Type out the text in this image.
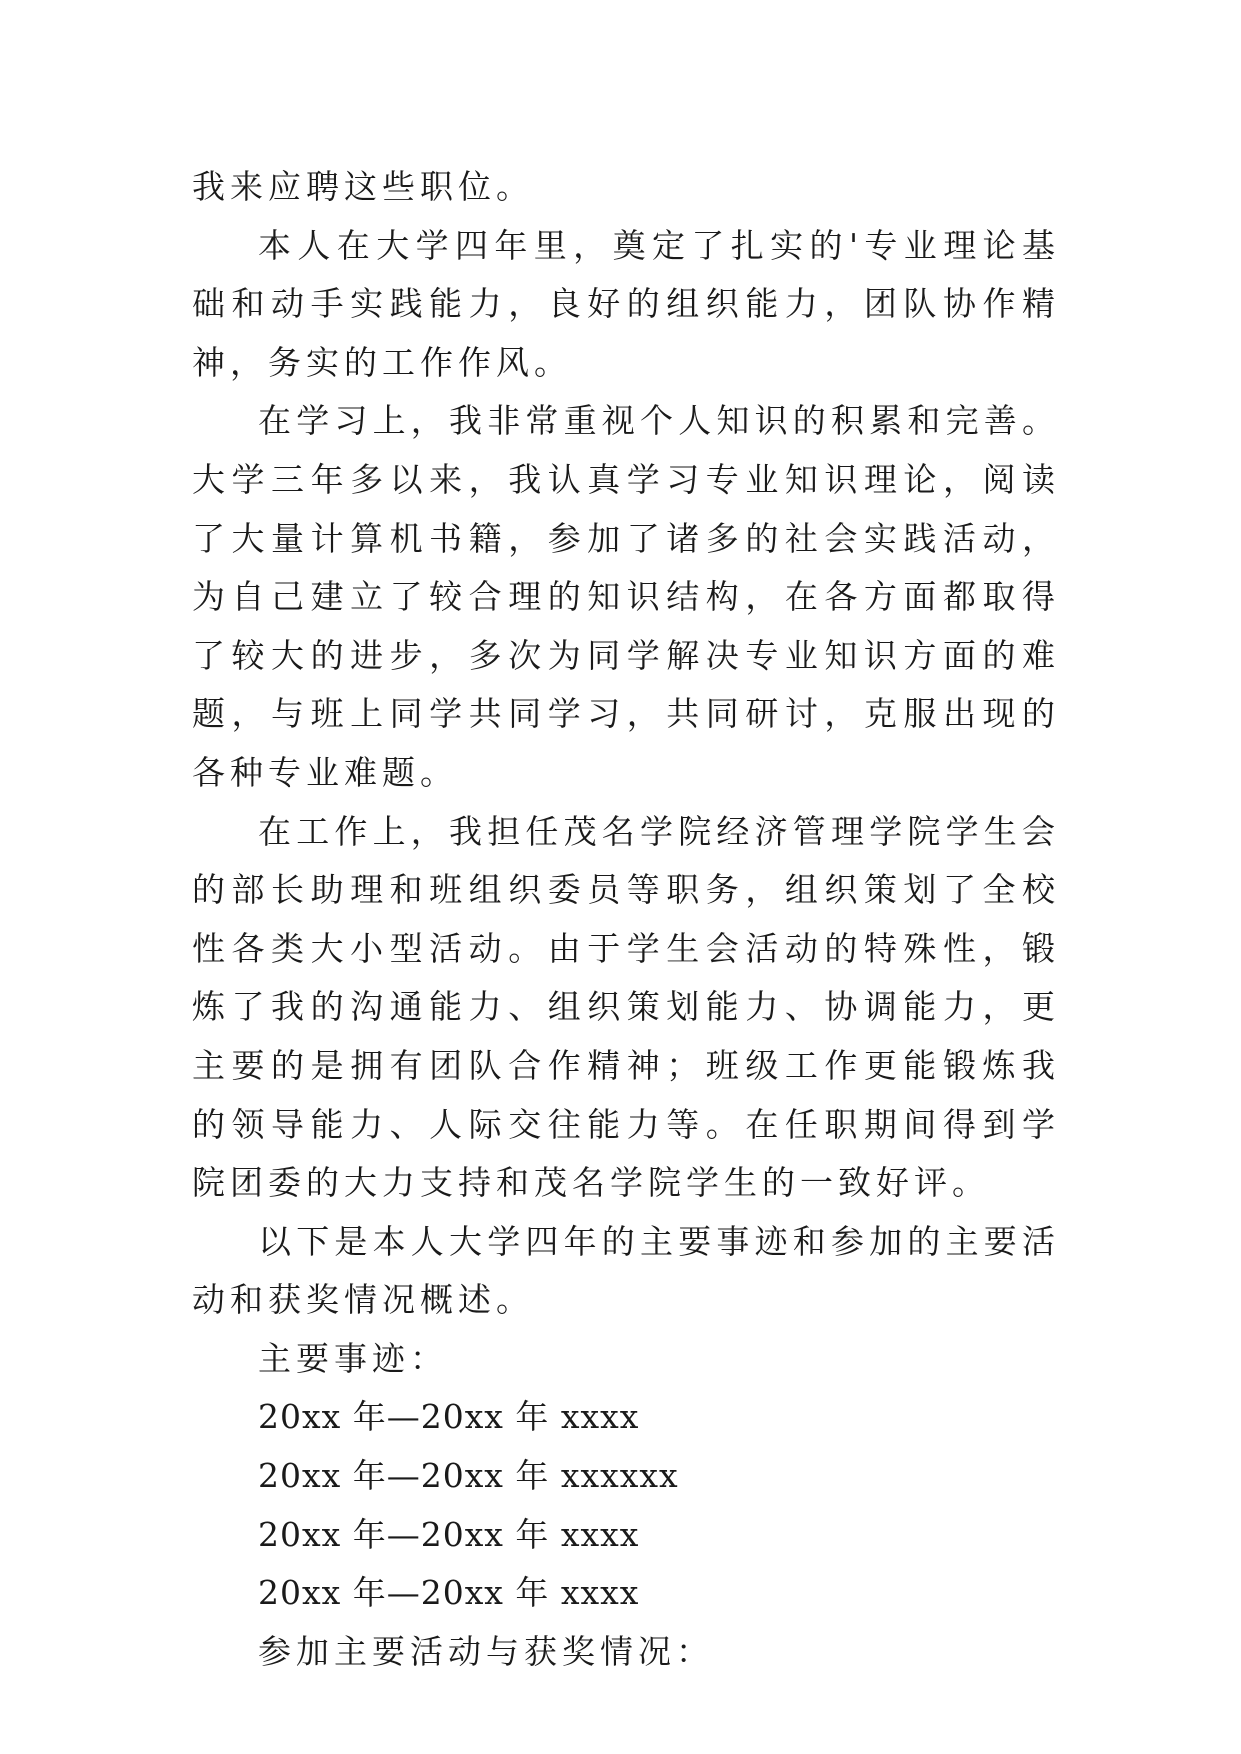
我来应聘这些职位。

本人在大学四年里，奠定了扎实的'专业理论基础和动手实践能力，良好的组织能力，团队协作精神，务实的工作作风。

在学习上，我非常重视个人知识的积累和完善。大学三年多以来，我认真学习专业知识理论，阅读了大量计算机书籍，参加了诸多的社会实践活动，为自己建立了较合理的知识结构，在各方面都取得了较大的进步，多次为同学解决专业知识方面的难题，与班上同学共同学习，共同研讨，克服出现的各种专业难题。

在工作上，我担任茂名学院经济管理学院学生会的部长助理和班组织委员等职务，组织策划了全校性各类大小型活动。由于学生会活动的特殊性，锻炼了我的沟通能力、组织策划能力、协调能力，更主要的是拥有团队合作精神；班级工作更能锻炼我的领导能力、人际交往能力等。在任职期间得到学院团委的大力支持和茂名学院学生的一致好评。

以下是本人大学四年的主要事迹和参加的主要活动和获奖情况概述。

主要事迹：

20xx 年—20xx 年 xxxx

20xx 年—20xx 年 xxxxxx

20xx 年—20xx 年 xxxx

20xx 年—20xx 年 xxxx

参加主要活动与获奖情况：
